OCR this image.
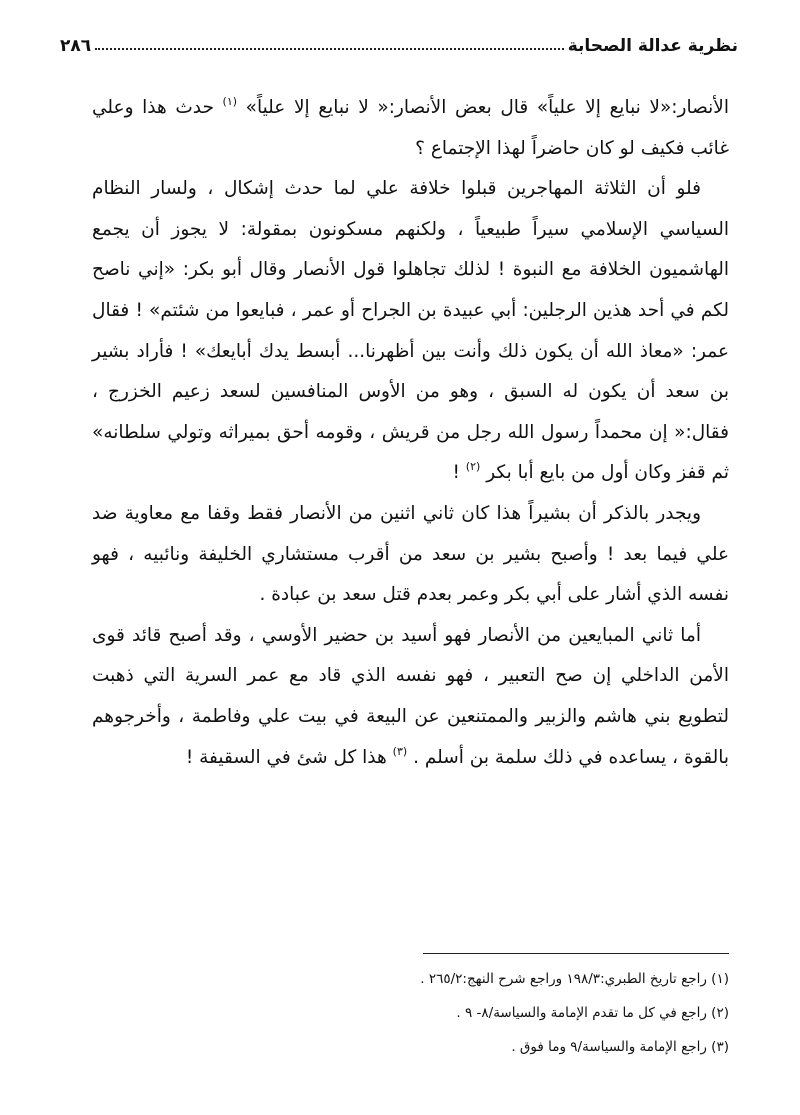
نظرية عدالة الصحابة
٢٨٦

الأنصار:«لا نبايع إلا علياً» قال بعض الأنصار:« لا نبايع إلا علياً» $^{(١)}$ حدث هذا وعلي غائب فكيف لو كان حاضراً لهذا الإجتماع ؟

فلو أن الثلاثة المهاجرين قبلوا خلافة علي لما حدث إشكال ، ولسار النظام السياسي الإسلامي سيراً طبيعياً ، ولكنهم مسكونون بمقولة: لا يجوز أن يجمع الهاشميون الخلافة مع النبوة ! لذلك تجاهلوا قول الأنصار وقال أبو بكر: «إني ناصح لكم في أحد هذين الرجلين: أبي عبيدة بن الجراح أو عمر ، فبايعوا من شئتم» ! فقال عمر: «معاذ الله أن يكون ذلك وأنت بين أظهرنا... أبسط يدك أبايعك» ! فأراد بشير بن سعد أن يكون له السبق ، وهو من الأوس المنافسين لسعد زعيم الخزرج ، فقال:« إن محمداً رسول الله رجل من قريش ، وقومه أحق بميراثه وتولي سلطانه» ثم قفز وكان أول من بايع أبا بكر $^{(٢)}$ !

ويجدر بالذكر أن بشيراً هذا كان ثاني اثنين من الأنصار فقط وقفا مع معاوية ضد علي فيما بعد ! وأصبح بشير بن سعد من أقرب مستشاري الخليفة ونائبيه ، فهو نفسه الذي أشار على أبي بكر وعمر بعدم قتل سعد بن عبادة .

أما ثاني المبايعين من الأنصار فهو أسيد بن حضير الأوسي ، وقد أصبح قائد قوى الأمن الداخلي إن صح التعبير ، فهو نفسه الذي قاد مع عمر السرية التي ذهبت لتطويع بني هاشم والزبير والممتنعين عن البيعة في بيت علي وفاطمة ، وأخرجوهم بالقوة ، يساعده في ذلك سلمة بن أسلم . $^{(٣)}$ هذا كل شئ في السقيفة !

(١) راجع تاريخ الطبري:١٩٨/٣ وراجع شرح النهج:٢٦٥/٢ .
(٢) راجع في كل ما تقدم الإمامة والسياسة/٨- ٩ .
(٣) راجع الإمامة والسياسة/٩ وما فوق .
